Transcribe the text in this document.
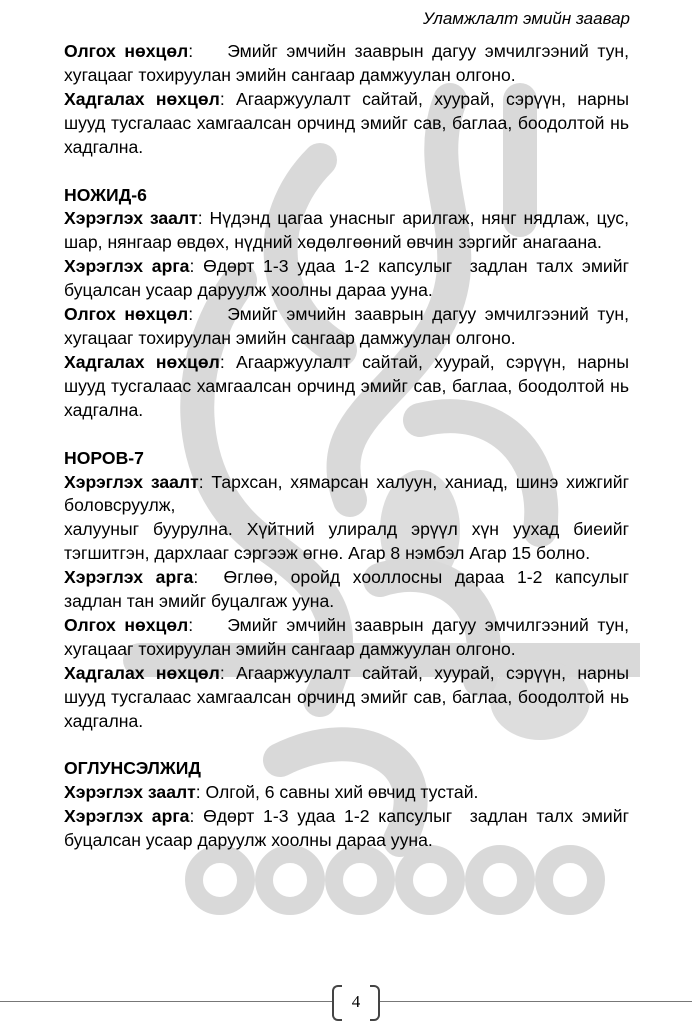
Уламжлалт эмийн заавар

Олгох нөхцөл:    Эмийг эмчийн зааврын дагуу эмчилгээний тун, хугацааг тохируулан эмийн сангаар дамжуулан олгоно.

Хадгалах нөхцөл: Агааржуулалт сайтай, хуурай, сэрүүн, нарны шууд тусгалаас хамгаалсан орчинд эмийг сав, баглаа, боодолтой нь хадгална.

НОЖИД-6

Хэрэглэх заалт: Нүдэнд цагаа унасныг арилгаж, нянг нядлаж, цус, шар, нянгаар өвдөх, нүдний хөдөлгөөний өвчин зэргийг анагаана.

Хэрэглэх арга: Өдөрт 1-3 удаа 1-2 капсулыг  задлан талх эмийг буцалсан усаар даруулж хоолны дараа ууна.

Олгох нөхцөл:    Эмийг эмчийн зааврын дагуу эмчилгээний тун, хугацааг тохируулан эмийн сангаар дамжуулан олгоно.

Хадгалах нөхцөл: Агааржуулалт сайтай, хуурай, сэрүүн, нарны шууд тусгалаас хамгаалсан орчинд эмийг сав, баглаа, боодолтой нь хадгална.

НОРОВ-7

Хэрэглэх заалт: Тархсан, хямарсан халуун, ханиад, шинэ хижгийг боловсруулж,

халууныг буурулна. Хүйтний улиралд эрүүл хүн уухад биеийг тэгшитгэн, дархлааг сэргээж өгнө. Агар 8 нэмбэл Агар 15 болно.

Хэрэглэх арга:  Өглөө, оройд хооллосны дараа 1-2 капсулыг  задлан тан эмийг буцалгаж ууна.

Олгох нөхцөл:    Эмийг эмчийн зааврын дагуу эмчилгээний тун, хугацааг тохируулан эмийн сангаар дамжуулан олгоно.

Хадгалах нөхцөл: Агааржуулалт сайтай, хуурай, сэрүүн, нарны шууд тусгалаас хамгаалсан орчинд эмийг сав, баглаа, боодолтой нь хадгална.

ОГЛУНСЭЛЖИД

Хэрэглэх заалт: Олгой, 6 савны хий өвчид тустай.

Хэрэглэх арга: Өдөрт 1-3 удаа 1-2 капсулыг  задлан талх эмийг буцалсан усаар даруулж хоолны дараа ууна.

4
